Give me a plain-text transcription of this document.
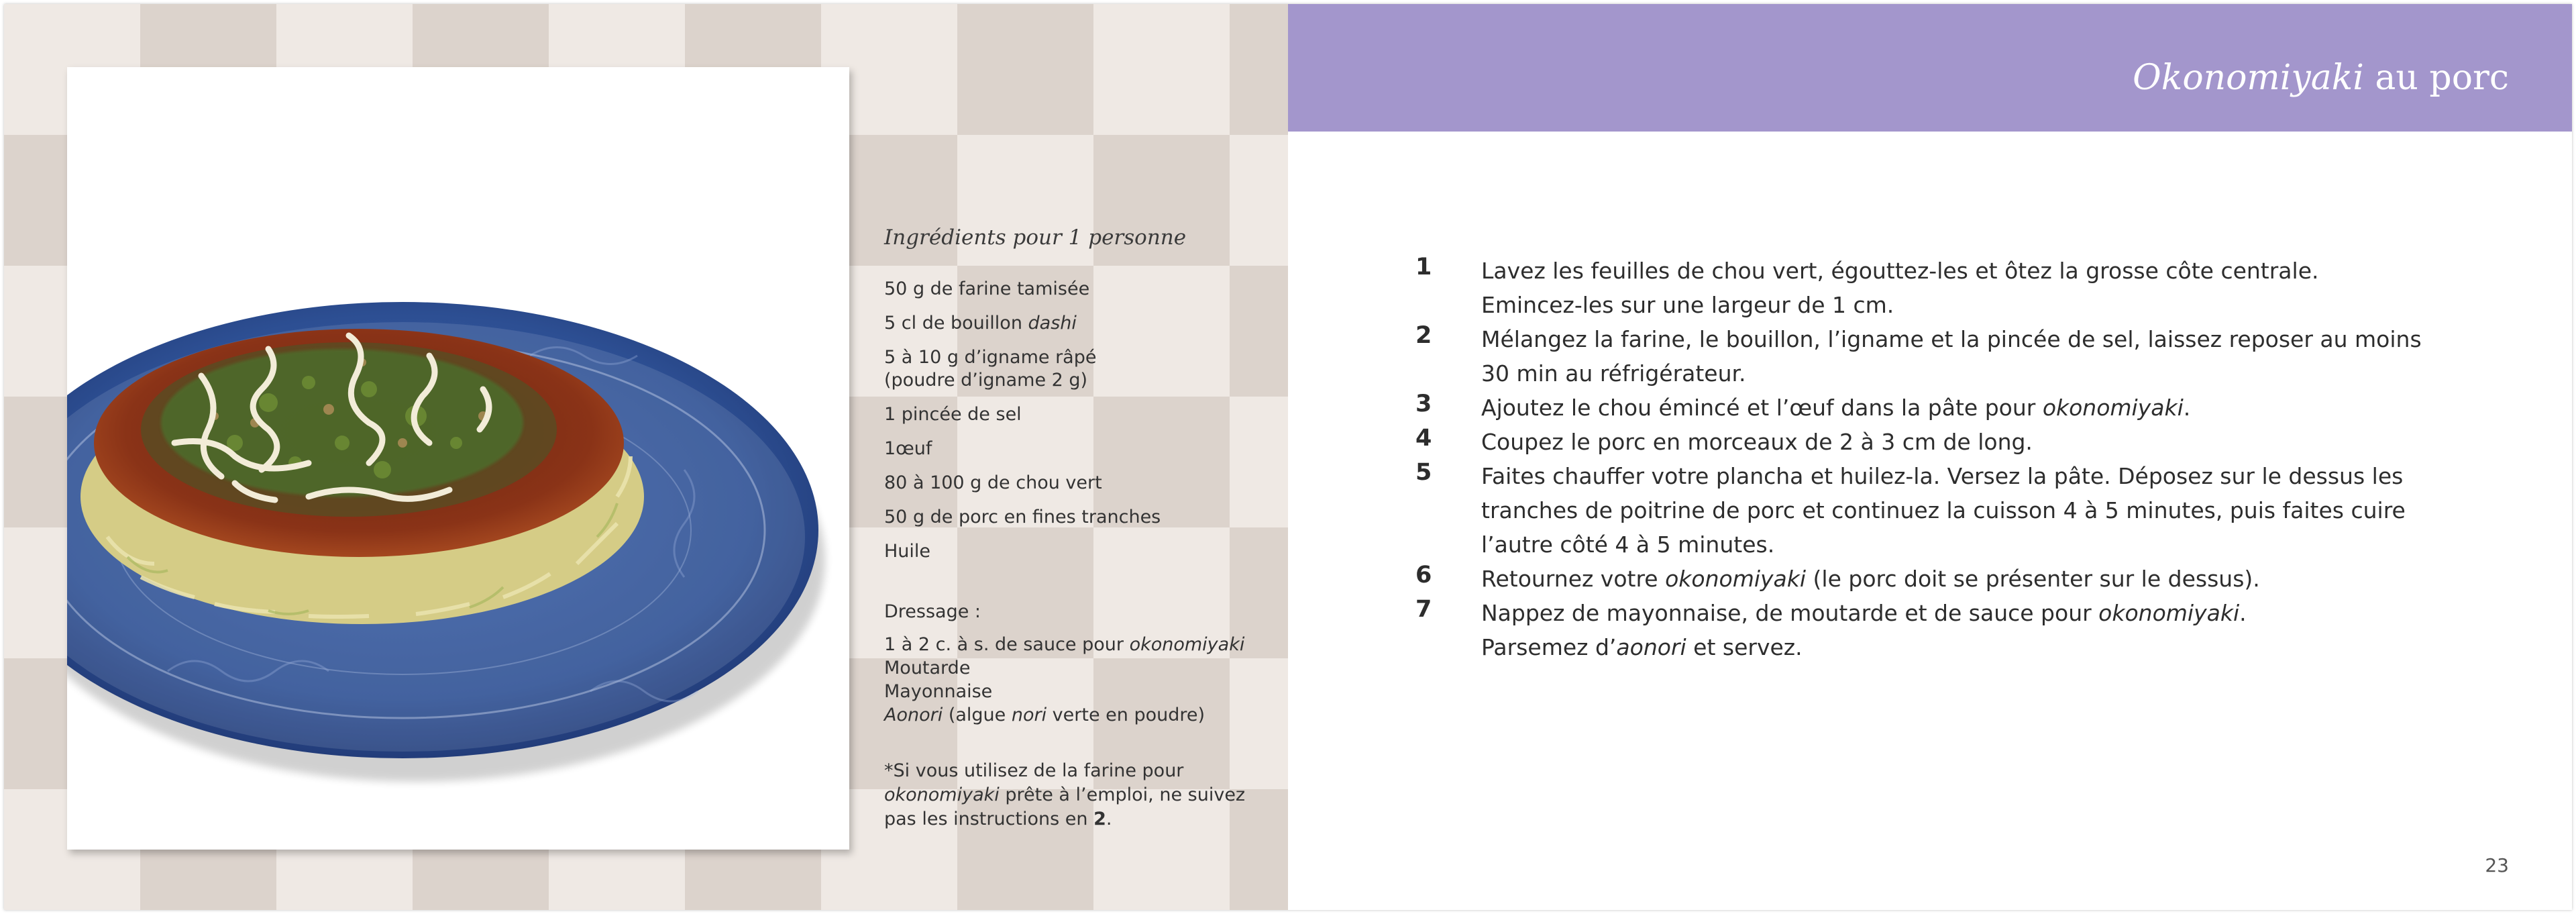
Ingrédients pour 1 personne
50 g de farine tamisée
5 cl de bouillon dashi
5 à 10 g d’igname râpé
(poudre d’igname 2 g)
1 pincée de sel
1œuf
80 à 100 g de chou vert
50 g de porc en fines tranches
Huile
Dressage :
1 à 2 c. à s. de sauce pour okonomiyaki
Moutarde
Mayonnaise
Aonori (algue nori verte en poudre)
*Si vous utilisez de la farine pour
okonomiyaki prête à l’emploi, ne suivez
pas les instructions en 2.
Okonomiyaki au porc
1 Lavez les feuilles de chou vert, égouttez-les et ôtez la grosse côte centrale.
Emincez-les sur une largeur de 1 cm.
2 Mélangez la farine, le bouillon, l’igname et la pincée de sel, laissez reposer au moins
30 min au réfrigérateur.
3 Ajoutez le chou émincé et l’œuf dans la pâte pour okonomiyaki.
4 Coupez le porc en morceaux de 2 à 3 cm de long.
5 Faites chauffer votre plancha et huilez-la. Versez la pâte. Déposez sur le dessus les
tranches de poitrine de porc et continuez la cuisson 4 à 5 minutes, puis faites cuire
l’autre côté 4 à 5 minutes.
6 Retournez votre okonomiyaki (le porc doit se présenter sur le dessus).
7 Nappez de mayonnaise, de moutarde et de sauce pour okonomiyaki.
Parsemez d’aonori et servez.
23
